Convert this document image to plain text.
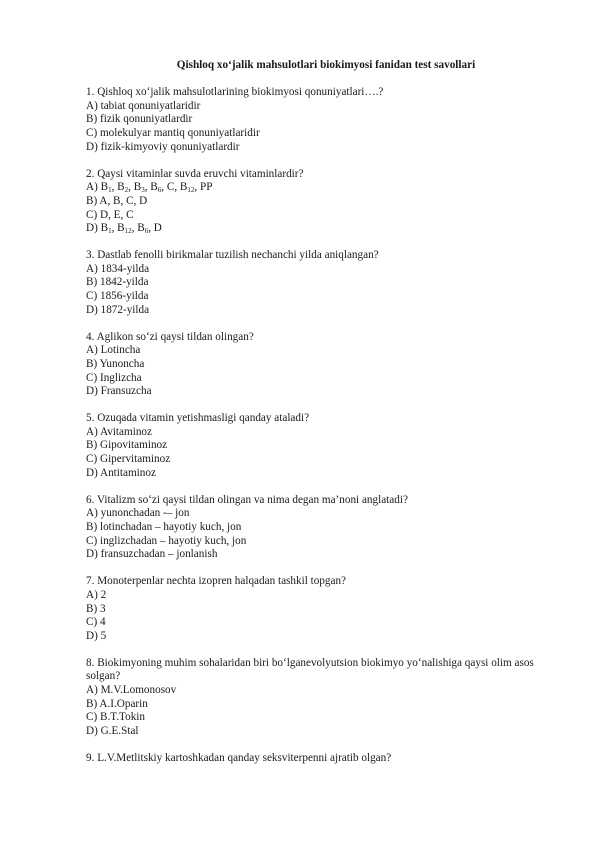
Qishloq xo‘jalik mahsulotlari biokimyosi fanidan test savollari

1. Qishloq xo‘jalik mahsulotlarining biokimyosi qonuniyatlari….?

A) tabiat qonuniyatlaridir

B) fizik qonuniyatlardir

C) molekulyar mantiq qonuniyatlaridir

D) fizik-kimyoviy qonuniyatlardir

2. Qaysi vitaminlar suvda eruvchi vitaminlardir?

A) $B_1$, $B_2$, $B_3$, $B_6$, C, $B_{12}$, PP

B) A, B, C, D

C) D, E, C

D) $B_1$, $B_{12}$, $B_6$, D

3. Dastlab fenolli birikmalar tuzilish nechanchi yilda aniqlangan?

A) 1834-yilda

B) 1842-yilda

C) 1856-yilda

D) 1872-yilda

4. Aglikon so‘zi qaysi tildan olingan?

A) Lotincha

B) Yunoncha

C) Inglizcha

D) Fransuzcha

5. Ozuqada vitamin yetishmasligi qanday ataladi?

A) Avitaminoz

B) Gipovitaminoz

C) Gipervitaminoz

D) Antitaminoz

6. Vitalizm so‘zi qaysi tildan olingan va nima degan ma’noni anglatadi?

A) yunonchadan -– jon

B) lotinchadan – hayotiy kuch, jon

C) inglizchadan – hayotiy kuch, jon

D) fransuzchadan – jonlanish

7. Monoterpenlar nechta izopren halqadan tashkil topgan?

A) 2

B) 3

C) 4

D) 5

8. Biokimyoning muhim sohalaridan biri bo‘lganevolyutsion biokimyo yo‘nalishiga qaysi olim asos solgan?

A) M.V.Lomonosov

B) A.I.Oparin

C) B.T.Tokin

D) G.E.Stal

9. L.V.Metlitskiy kartoshkadan qanday seksviterpenni ajratib olgan?
